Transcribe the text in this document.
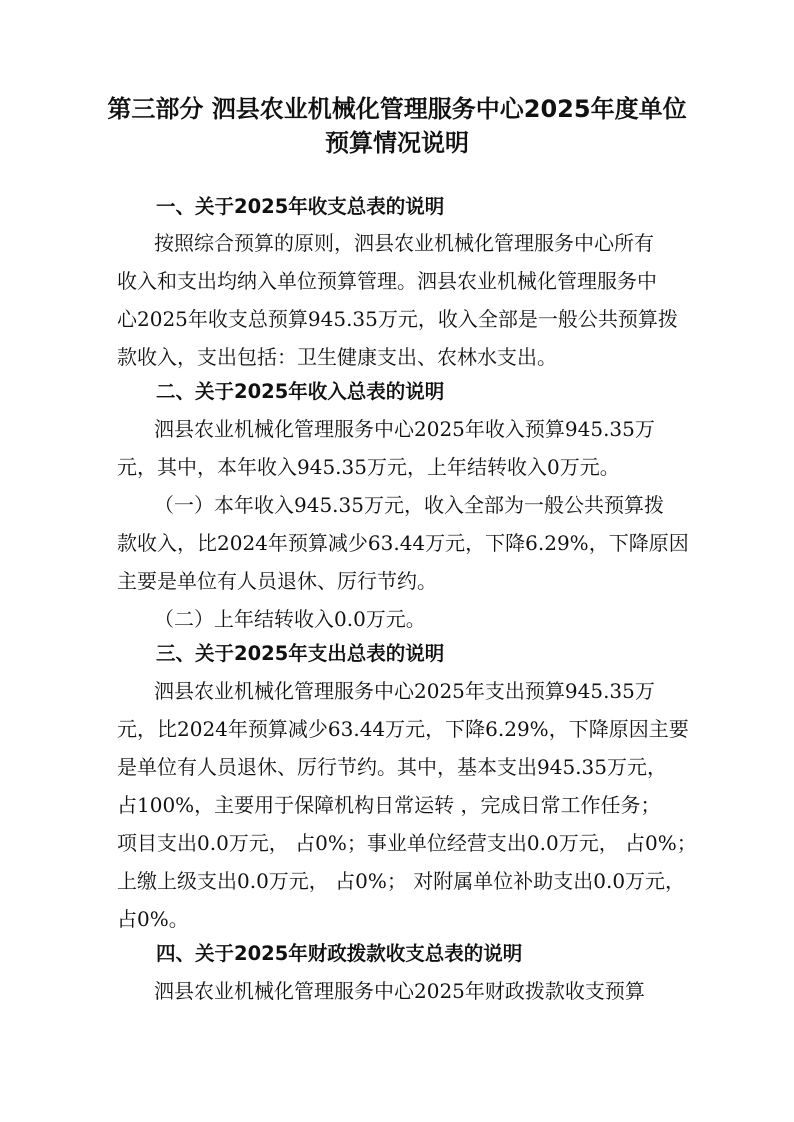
第三部分 泗县农业机械化管理服务中心2025年度单位
预算情况说明
一、关于2025年收支总表的说明
按照综合预算的原则，泗县农业机械化管理服务中心所有
收入和支出均纳入单位预算管理。泗县农业机械化管理服务中
心2025年收支总预算945.35万元，收入全部是一般公共预算拨
款收入，支出包括：卫生健康支出、农林水支出。
二、关于2025年收入总表的说明
泗县农业机械化管理服务中心2025年收入预算945.35万
元，其中，本年收入945.35万元，上年结转收入0万元。
（一）本年收入945.35万元，收入全部为一般公共预算拨
款收入，比2024年预算减少63.44万元，下降6.29%，下降原因
主要是单位有人员退休、厉行节约。
（二）上年结转收入0.0万元。
三、关于2025年支出总表的说明
泗县农业机械化管理服务中心2025年支出预算945.35万
元，比2024年预算减少63.44万元，下降6.29%，下降原因主要
是单位有人员退休、厉行节约。其中，基本支出945.35万元，
占100%，主要用于保障机构日常运转 ，完成日常工作任务；
项目支出0.0万元， 占0%；事业单位经营支出0.0万元， 占0%；
上缴上级支出0.0万元， 占0%； 对附属单位补助支出0.0万元，
占0%。
四、关于2025年财政拨款收支总表的说明
泗县农业机械化管理服务中心2025年财政拨款收支预算
